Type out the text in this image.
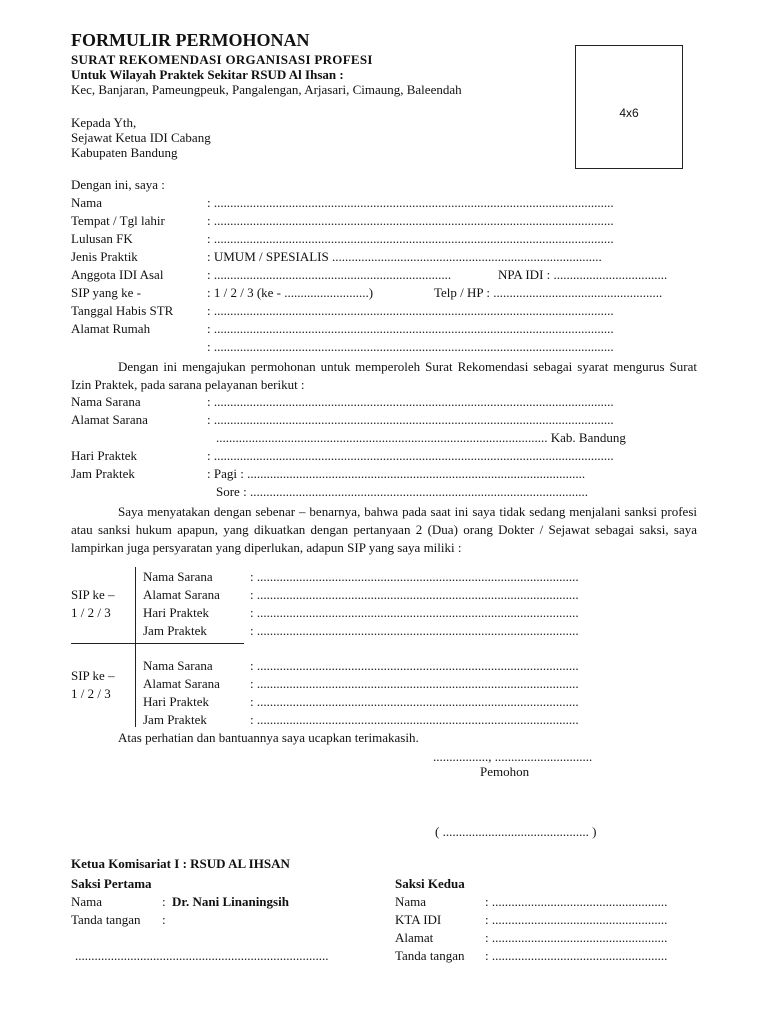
FORMULIR PERMOHONAN
SURAT REKOMENDASI ORGANISASI PROFESI
Untuk Wilayah Praktek Sekitar RSUD Al Ihsan :
Kec, Banjaran, Pameungpeuk, Pangalengan, Arjasari, Cimaung, Baleendah
4x6
Kepada Yth,
Sejawat Ketua IDI Cabang
Kabupaten Bandung
Dengan ini, saya :
Nama	: ...........................................................................................................................
Tempat / Tgl lahir	: ...........................................................................................................................
Lulusan FK	: ...........................................................................................................................
Jenis Praktik	: UMUM / SPESIALIS ...................................................................................
Anggota IDI Asal	: .........................................................................	NPA IDI : ...................................
SIP yang ke -	: 1 / 2 / 3 (ke - ..........................)	Telp / HP : ....................................................
Tanggal Habis STR	: ...........................................................................................................................
Alamat Rumah	: ...........................................................................................................................
: ...........................................................................................................................
Dengan ini mengajukan permohonan untuk memperoleh Surat Rekomendasi sebagai syarat mengurus Surat Izin Praktek, pada sarana pelayanan berikut :
Nama Sarana	: ...........................................................................................................................
Alamat Sarana	: ...........................................................................................................................
...................................................................................................... Kab. Bandung
Hari Praktek	: ...........................................................................................................................
Jam Praktek	: Pagi : ........................................................................................................
Sore : ........................................................................................................
Saya menyatakan dengan sebenar – benarnya, bahwa pada saat ini saya tidak sedang menjalani sanksi profesi atau sanksi hukum apapun, yang dikuatkan dengan pertanyaan 2 (Dua) orang Dokter / Sejawat sebagai saksi, saya lampirkan juga persyaratan yang diperlukan, adapun SIP yang saya miliki :
SIP ke –
1 / 2 / 3
Nama Sarana	: ...................................................................................................
Alamat Sarana : ...................................................................................................
Hari Praktek	: ...................................................................................................
Jam Praktek	: ...................................................................................................
SIP ke –
1 / 2 / 3
Nama Sarana	: ...................................................................................................
Alamat Sarana : ...................................................................................................
Hari Praktek	: ...................................................................................................
Jam Praktek	: ...................................................................................................
Atas perhatian dan bantuannya saya ucapkan terimakasih.
................., ..............................
Pemohon
( ............................................. )
Ketua Komisariat I : RSUD AL IHSAN
Saksi Pertama
Nama	: Dr. Nani Linaningsih
Tanda tangan :
..............................................................................
Saksi Kedua
Nama	: ......................................................
KTA IDI	: ......................................................
Alamat	: ......................................................
Tanda tangan : ......................................................
